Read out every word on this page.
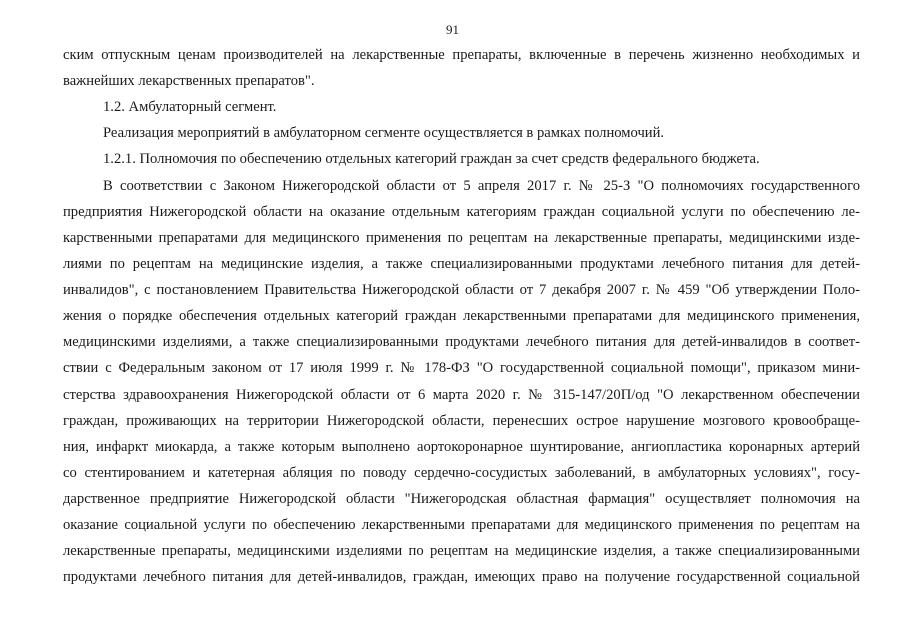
91
ским отпускным ценам производителей на лекарственные препараты, включенные в перечень жизненно необходимых и
важнейших лекарственных препаратов".
1.2. Амбулаторный сегмент.
Реализация мероприятий в амбулаторном сегменте осуществляется в рамках полномочий.
1.2.1. Полномочия по обеспечению отдельных категорий граждан за счет средств федерального бюджета.
В соответствии с Законом Нижегородской области от 5 апреля 2017 г. № 25-З "О полномочиях государственного
предприятия Нижегородской области на оказание отдельным категориям граждан социальной услуги по обеспечению ле-
карственными препаратами для медицинского применения по рецептам на лекарственные препараты, медицинскими изде-
лиями по рецептам на медицинские изделия, а также специализированными продуктами лечебного питания для детей-
инвалидов", с постановлением Правительства Нижегородской области от 7 декабря 2007 г. № 459 "Об утверждении Поло-
жения о порядке обеспечения отдельных категорий граждан лекарственными препаратами для медицинского применения,
медицинскими изделиями, а также специализированными продуктами лечебного питания для детей-инвалидов в соответ-
ствии с Федеральным законом от 17 июля 1999 г. № 178-ФЗ "О государственной социальной помощи", приказом мини-
стерства здравоохранения Нижегородской области от 6 марта 2020 г. № 315-147/20П/од "О лекарственном обеспечении
граждан, проживающих на территории Нижегородской области, перенесших острое нарушение мозгового кровообраще-
ния, инфаркт миокарда, а также которым выполнено аортокоронарное шунтирование, ангиопластика коронарных артерий
со стентированием и катетерная абляция по поводу сердечно-сосудистых заболеваний, в амбулаторных условиях", госу-
дарственное предприятие Нижегородской области "Нижегородская областная фармация" осуществляет полномочия на
оказание социальной услуги по обеспечению лекарственными препаратами для медицинского применения по рецептам на
лекарственные препараты, медицинскими изделиями по рецептам на медицинские изделия, а также специализированными
продуктами лечебного питания для детей-инвалидов, граждан, имеющих право на получение государственной социальной
